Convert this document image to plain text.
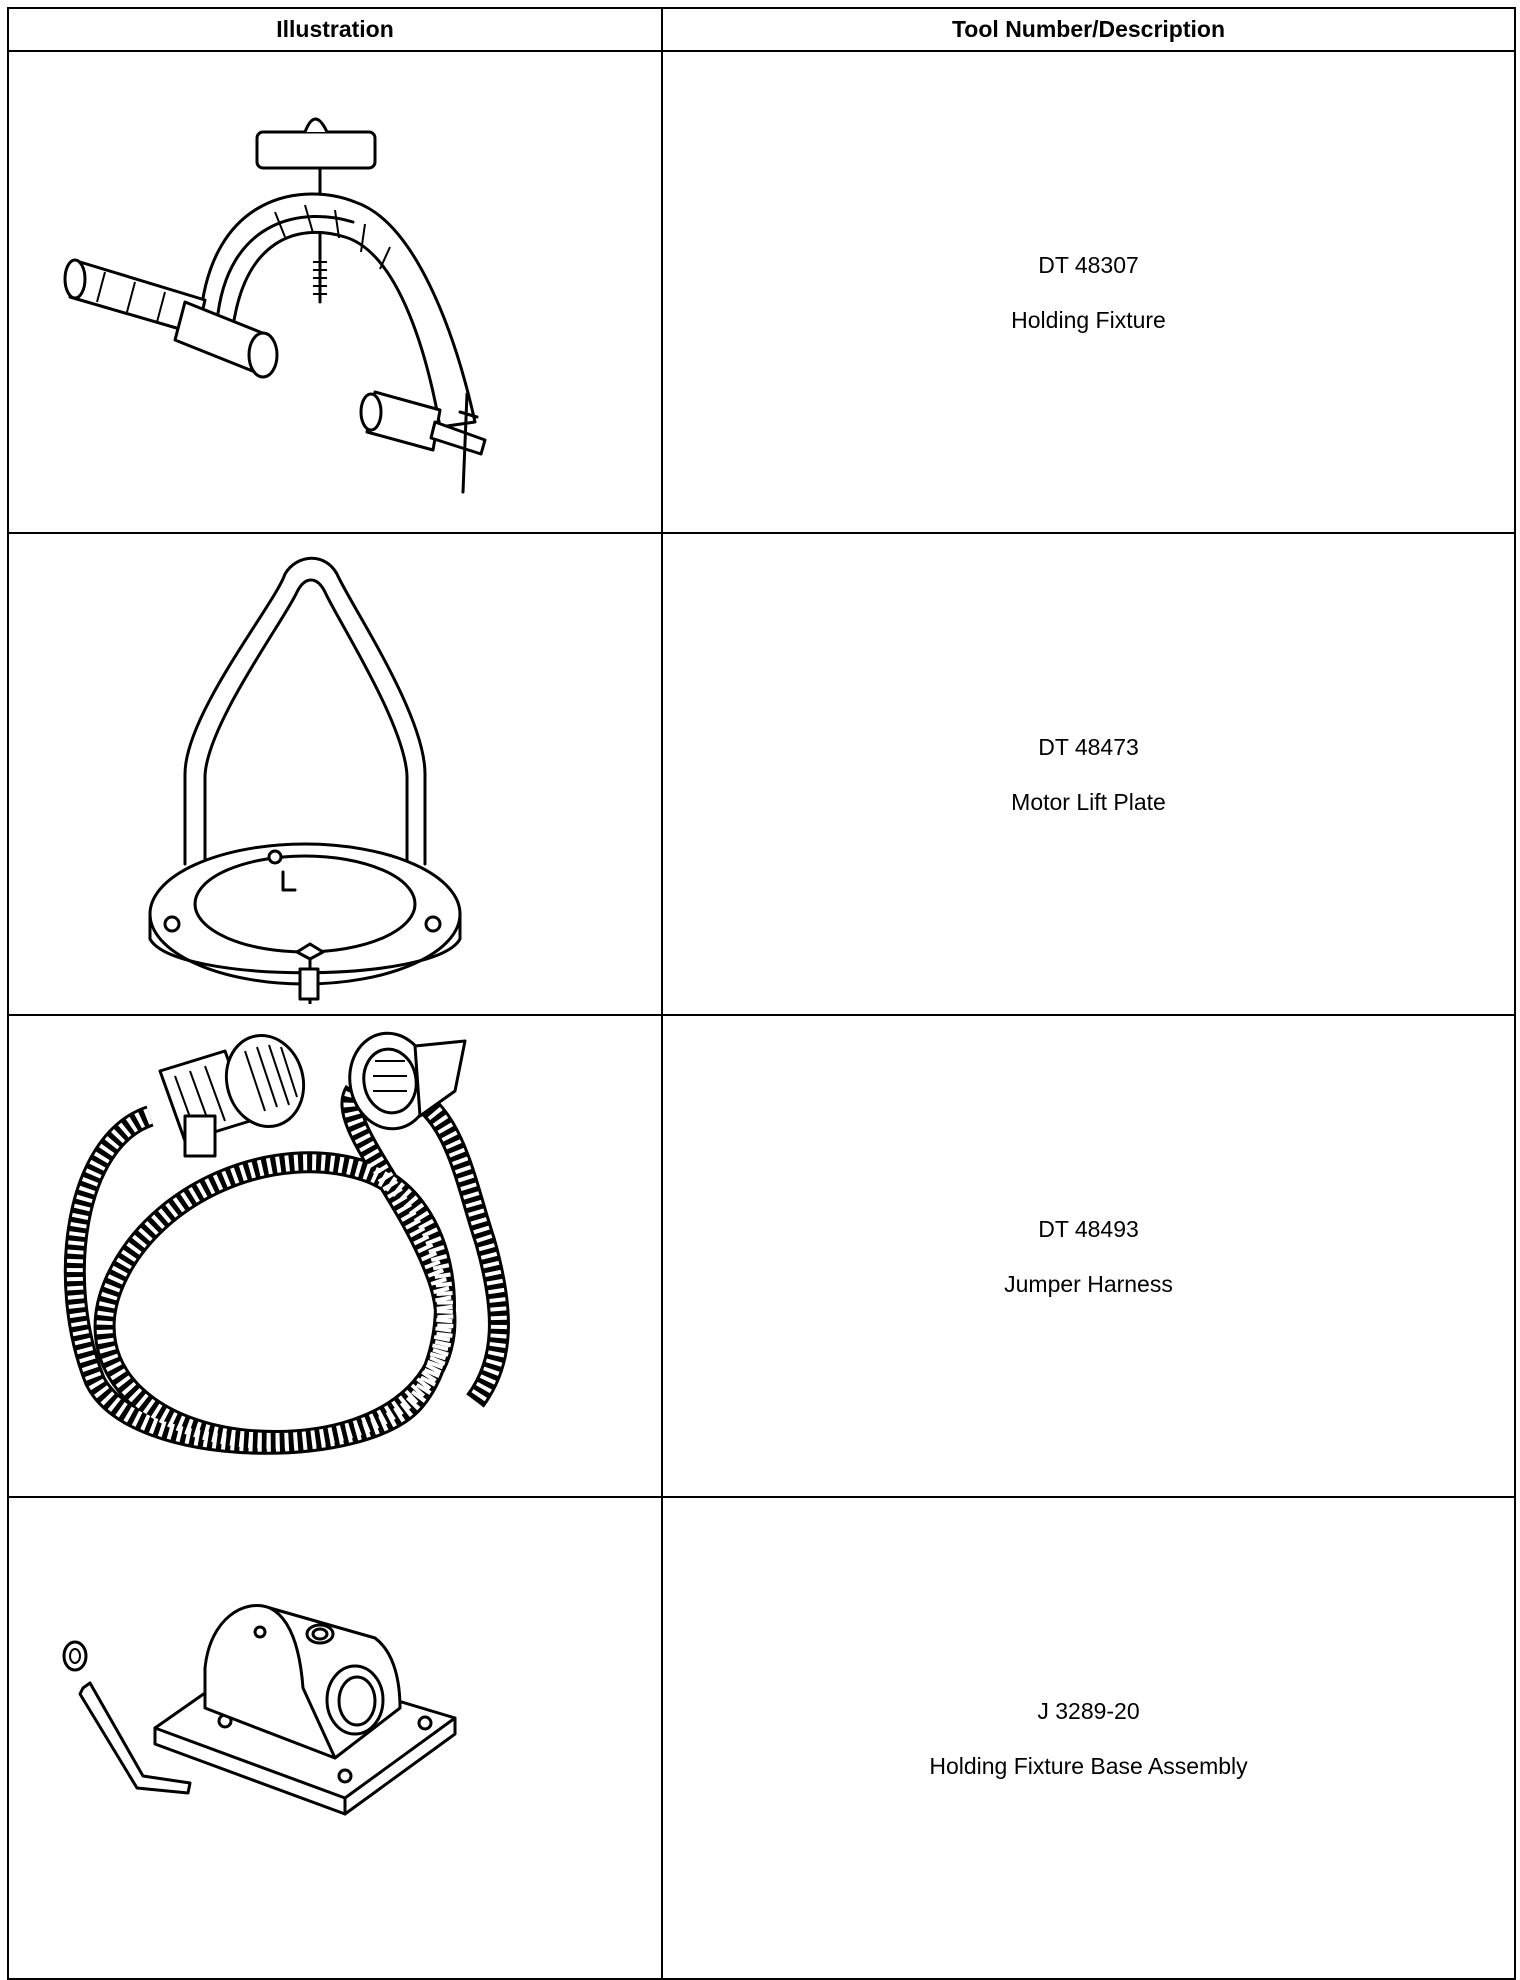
Illustration	Tool Number/Description

DT 48307
Holding Fixture

DT 48473
Motor Lift Plate

DT 48493
Jumper Harness

J 3289-20
Holding Fixture Base Assembly
